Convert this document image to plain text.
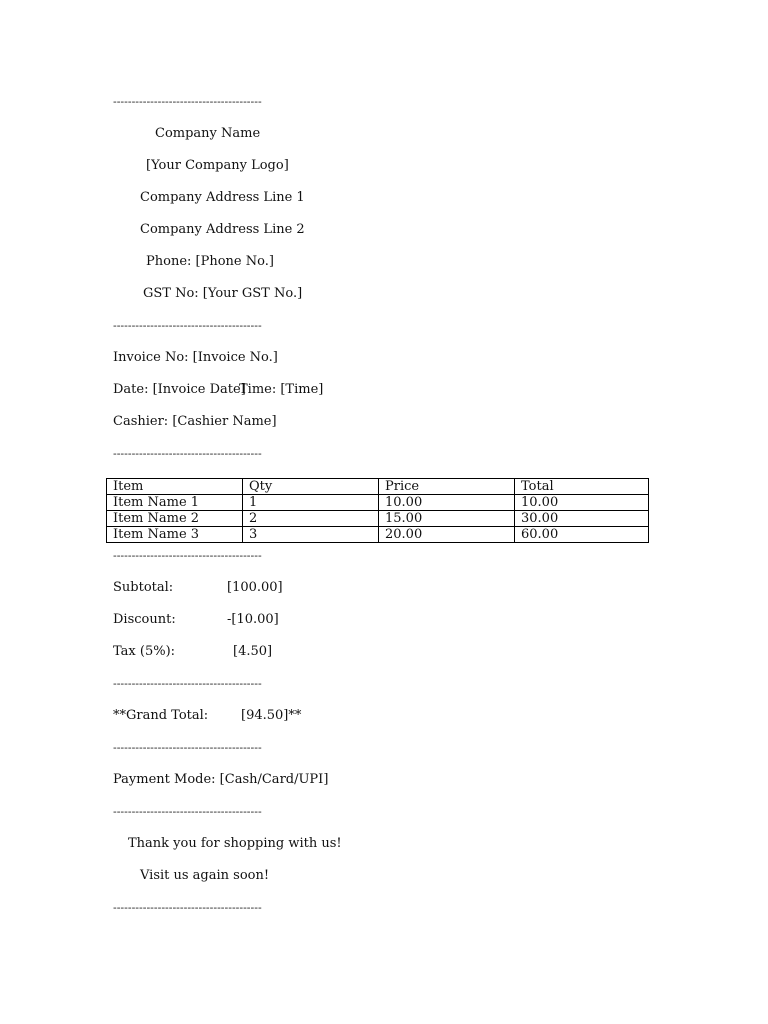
----------------------------------------
Company Name
[Your Company Logo]
Company Address Line 1
Company Address Line 2
Phone: [Phone No.]
GST No: [Your GST No.]
----------------------------------------
Invoice No: [Invoice No.]
Date: [Invoice Date]
Time: [Time]
Cashier: [Cashier Name]
----------------------------------------
Item	Qty	Price	Total
Item Name 1	1	10.00	10.00
Item Name 2	2	15.00	30.00
Item Name 3	3	20.00	60.00
----------------------------------------
Subtotal:	[100.00]
Discount:	-[10.00]
Tax (5%):	[4.50]
----------------------------------------
**Grand Total:	[94.50]**
----------------------------------------
Payment Mode: [Cash/Card/UPI]
----------------------------------------
Thank you for shopping with us!
Visit us again soon!
----------------------------------------
